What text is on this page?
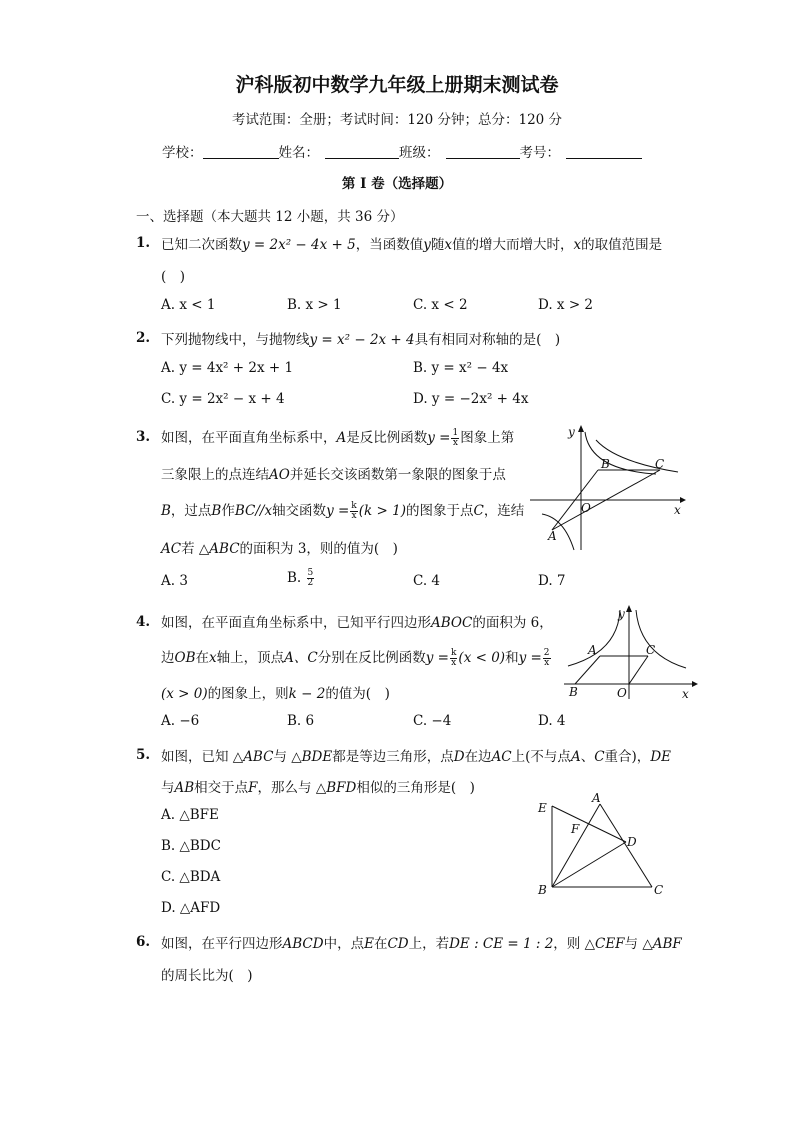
沪科版初中数学九年级上册期末测试卷
考试范围：全册；考试时间：120 分钟；总分：120 分
学校：	姓名：	班级：	考号：
第 I 卷（选择题）
一、选择题（本大题共 12 小题，共 36 分）
1. 已知二次函数y = 2x² − 4x + 5，当函数值y随x值的增大而增大时，x的取值范围是
(　)
A. x < 1	B. x > 1	C. x < 2	D. x > 2
2. 下列抛物线中，与抛物线y = x² − 2x + 4具有相同对称轴的是(　)
A. y = 4x² + 2x + 1	B. y = x² − 4x
C. y = 2x² − x + 4	D. y = −2x² + 4x
3. 如图，在平面直角坐标系中，A是反比例函数$y = \frac{1}{x}$ 图象上第
三象限上的点连结AO并延长交该函数第一象限的图象于点
B，过点B作BC//x轴交函数$y = \frac{k}{x} (k > 1)$的图象于点C，连结
AC若 △ABC的面积为 3，则的值为(　)
A. 3	B. $\frac{5}{2}$	C. 4	D. 7
y
x
B	C
O
A
4. 如图，在平面直角坐标系中，已知平行四边形ABOC的面积为 6，
边OB在x轴上，顶点A、C分别在反比例函数$y = \frac{k}{x} (x < 0)$和$y = \frac{2}{x}$
(x > 0)的图象上，则k − 2的值为(　)
A. −6	B. 6	C. −4	D. 4
y
x
A	C
B	O
5. 如图，已知 △ABC与 △BDE都是等边三角形，点D在边AC上(不与点A、C重合)，DE
与AB相交于点F，那么与 △BFD相似的三角形是(　)
A. △BFE
B. △BDC
C. △BDA
D. △AFD
E
A
F
D
B	C
6. 如图，在平行四边形ABCD中，点E在CD上，若DE : CE = 1 : 2，则 △CEF与 △ABF
的周长比为(　)
